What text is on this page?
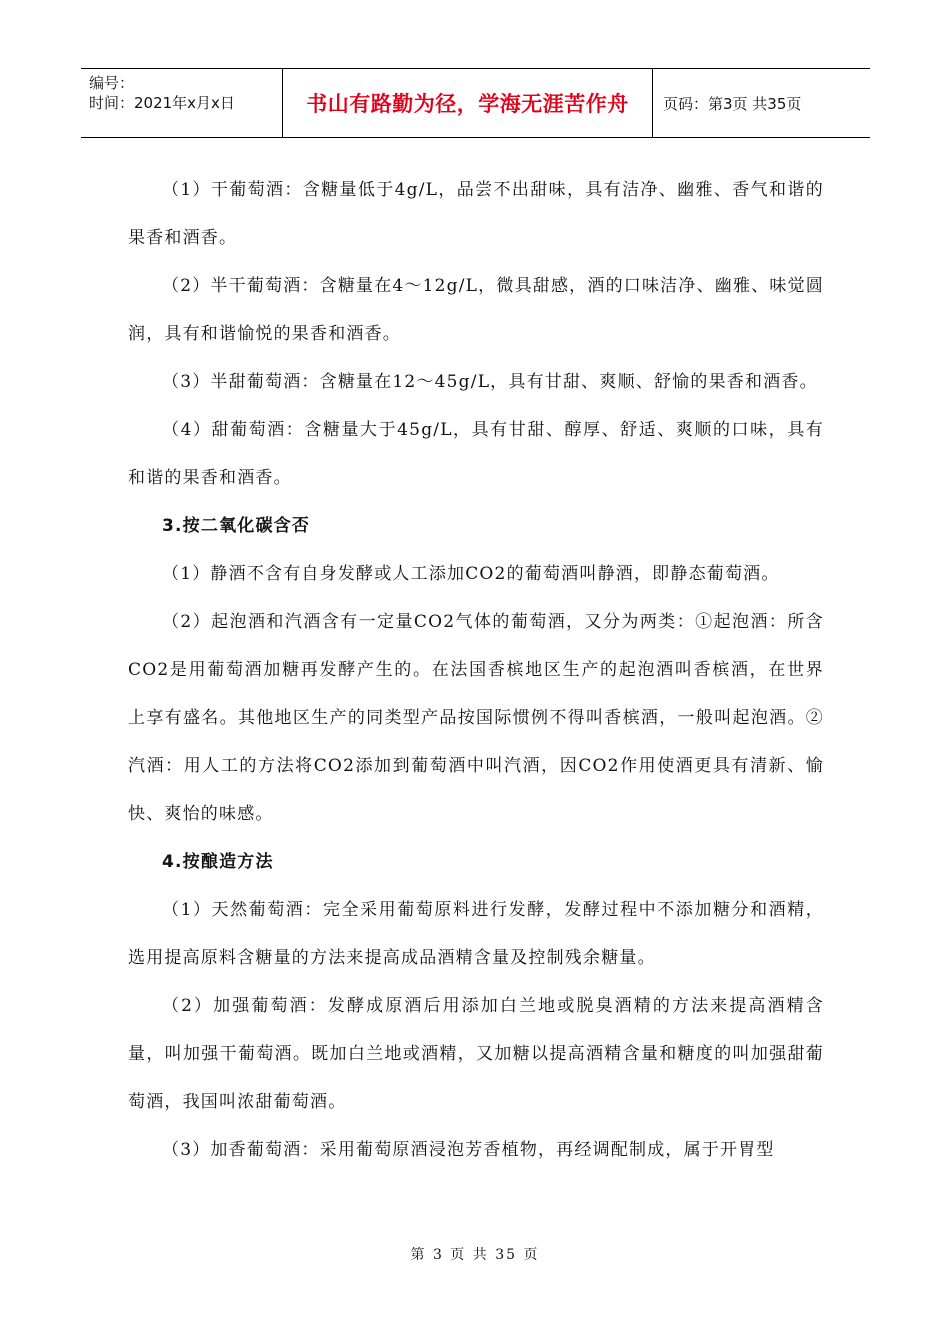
编号：
时间：2021年x月x日	书山有路勤为径，学海无涯苦作舟	页码：第3页 共35页

（1）干葡萄酒：含糖量低于4g/L，品尝不出甜味，具有洁净、幽雅、香气和谐的果香和酒香。

（2）半干葡萄酒：含糖量在4～12g/L，微具甜感，酒的口味洁净、幽雅、味觉圆润，具有和谐愉悦的果香和酒香。

（3）半甜葡萄酒：含糖量在12～45g/L，具有甘甜、爽顺、舒愉的果香和酒香。

（4）甜葡萄酒：含糖量大于45g/L，具有甘甜、醇厚、舒适、爽顺的口味，具有和谐的果香和酒香。

3.按二氧化碳含否

（1）静酒不含有自身发酵或人工添加CO2的葡萄酒叫静酒，即静态葡萄酒。

（2）起泡酒和汽酒含有一定量CO2气体的葡萄酒，又分为两类：①起泡酒：所含CO2是用葡萄酒加糖再发酵产生的。在法国香槟地区生产的起泡酒叫香槟酒，在世界上享有盛名。其他地区生产的同类型产品按国际惯例不得叫香槟酒，一般叫起泡酒。②汽酒：用人工的方法将CO2添加到葡萄酒中叫汽酒，因CO2作用使酒更具有清新、愉快、爽怡的味感。

4.按酿造方法

（1）天然葡萄酒：完全采用葡萄原料进行发酵，发酵过程中不添加糖分和酒精，选用提高原料含糖量的方法来提高成品酒精含量及控制残余糖量。

（2）加强葡萄酒：发酵成原酒后用添加白兰地或脱臭酒精的方法来提高酒精含量，叫加强干葡萄酒。既加白兰地或酒精，又加糖以提高酒精含量和糖度的叫加强甜葡萄酒，我国叫浓甜葡萄酒。

（3）加香葡萄酒：采用葡萄原酒浸泡芳香植物，再经调配制成，属于开胃型

第 3 页 共 35 页
